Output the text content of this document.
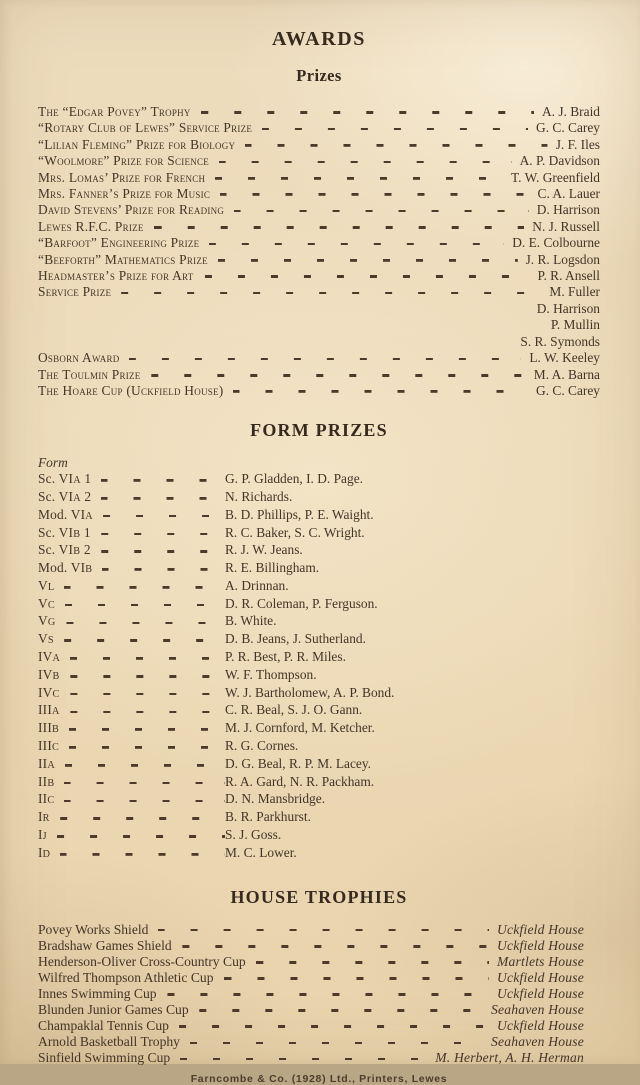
AWARDS
Prizes
The “Edgar Povey” Trophy	A. J. Braid
“Rotary Club of Lewes” Service Prize	G. C. Carey
“Lilian Fleming” Prize for Biology	J. F. Iles
“Woolmore” Prize for Science	A. P. Davidson
Mrs. Lomas’ Prize for French	T. W. Greenfield
Mrs. Fanner’s Prize for Music	C. A. Lauer
David Stevens’ Prize for Reading	D. Harrison
Lewes R.F.C. Prize	N. J. Russell
“Barfoot” Engineering Prize	D. E. Colbourne
“Beeforth” Mathematics Prize	J. R. Logsdon
Headmaster’s Prize for Art	P. R. Ansell
Service Prize	M. Fuller
D. Harrison
P. Mullin
S. R. Symonds
Osborn Award	L. W. Keeley
The Toulmin Prize	M. A. Barna
The Hoare Cup (Uckfield House)	G. C. Carey
FORM PRIZES
Form
Sc. VIA 1	G. P. Gladden, I. D. Page.
Sc. VIA 2	N. Richards.
Mod. VIA	B. D. Phillips, P. E. Waight.
Sc. VIB 1	R. C. Baker, S. C. Wright.
Sc. VIB 2	R. J. W. Jeans.
Mod. VIB	R. E. Billingham.
VL	A. Drinnan.
VC	D. R. Coleman, P. Ferguson.
VG	B. White.
VS	D. B. Jeans, J. Sutherland.
IVA	P. R. Best, P. R. Miles.
IVB	W. F. Thompson.
IVC	W. J. Bartholomew, A. P. Bond.
IIIA	C. R. Beal, S. J. O. Gann.
IIIB	M. J. Cornford, M. Ketcher.
IIIC	R. G. Cornes.
IIA	D. G. Beal, R. P. M. Lacey.
IIB	R. A. Gard, N. R. Packham.
IIC	D. N. Mansbridge.
IR	B. R. Parkhurst.
IJ	S. J. Goss.
ID	M. C. Lower.
HOUSE TROPHIES
Povey Works Shield	Uckfield House
Bradshaw Games Shield	Uckfield House
Henderson-Oliver Cross-Country Cup	Martlets House
Wilfred Thompson Athletic Cup	Uckfield House
Innes Swimming Cup	Uckfield House
Blunden Junior Games Cup	Seahaven House
Champaklal Tennis Cup	Uckfield House
Arnold Basketball Trophy	Seahaven House
Sinfield Swimming Cup	M. Herbert, A. H. Herman
Farncombe & Co. (1928) Ltd., Printers, Lewes
